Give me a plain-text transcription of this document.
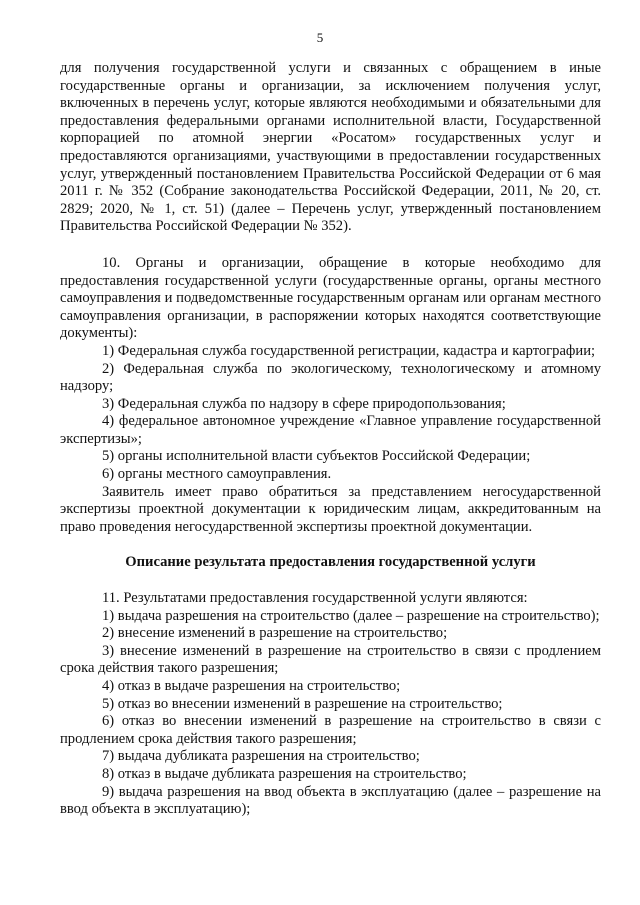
5

для получения государственной услуги и связанных с обращением в иные государственные органы и организации, за исключением получения услуг, включенных в перечень услуг, которые являются необходимыми и обязательными для предоставления федеральными органами исполнительной власти, Государственной корпорацией по атомной энергии «Росатом» государственных услуг и предоставляются организациями, участвующими в предоставлении государственных услуг, утвержденный постановлением Правительства Российской Федерации от 6 мая 2011 г. № 352 (Собрание законодательства Российской Федерации, 2011, № 20, ст. 2829; 2020, № 1, ст. 51) (далее – Перечень услуг, утвержденный постановлением Правительства Российской Федерации № 352).

10. Органы и организации, обращение в которые необходимо для предоставления государственной услуги (государственные органы, органы местного самоуправления и подведомственные государственным органам или органам местного самоуправления организации, в распоряжении которых находятся соответствующие документы):

1) Федеральная служба государственной регистрации, кадастра и картографии;

2) Федеральная служба по экологическому, технологическому и атомному надзору;

3) Федеральная служба по надзору в сфере природопользования;

4) федеральное автономное учреждение «Главное управление государственной экспертизы»;

5) органы исполнительной власти субъектов Российской Федерации;

6) органы местного самоуправления.

Заявитель имеет право обратиться за представлением негосударственной экспертизы проектной документации к юридическим лицам, аккредитованным на право проведения негосударственной экспертизы проектной документации.

Описание результата предоставления государственной услуги

11. Результатами предоставления государственной услуги являются:

1) выдача разрешения на строительство (далее – разрешение на строительство);

2) внесение изменений в разрешение на строительство;

3) внесение изменений в разрешение на строительство в связи с продлением срока действия такого разрешения;

4) отказ в выдаче разрешения на строительство;

5) отказ во внесении изменений в разрешение на строительство;

6) отказ во внесении изменений в разрешение на строительство в связи с продлением срока действия такого разрешения;

7) выдача дубликата разрешения на строительство;

8) отказ в выдаче дубликата разрешения на строительство;

9) выдача разрешения на ввод объекта в эксплуатацию (далее – разрешение на ввод объекта в эксплуатацию);
